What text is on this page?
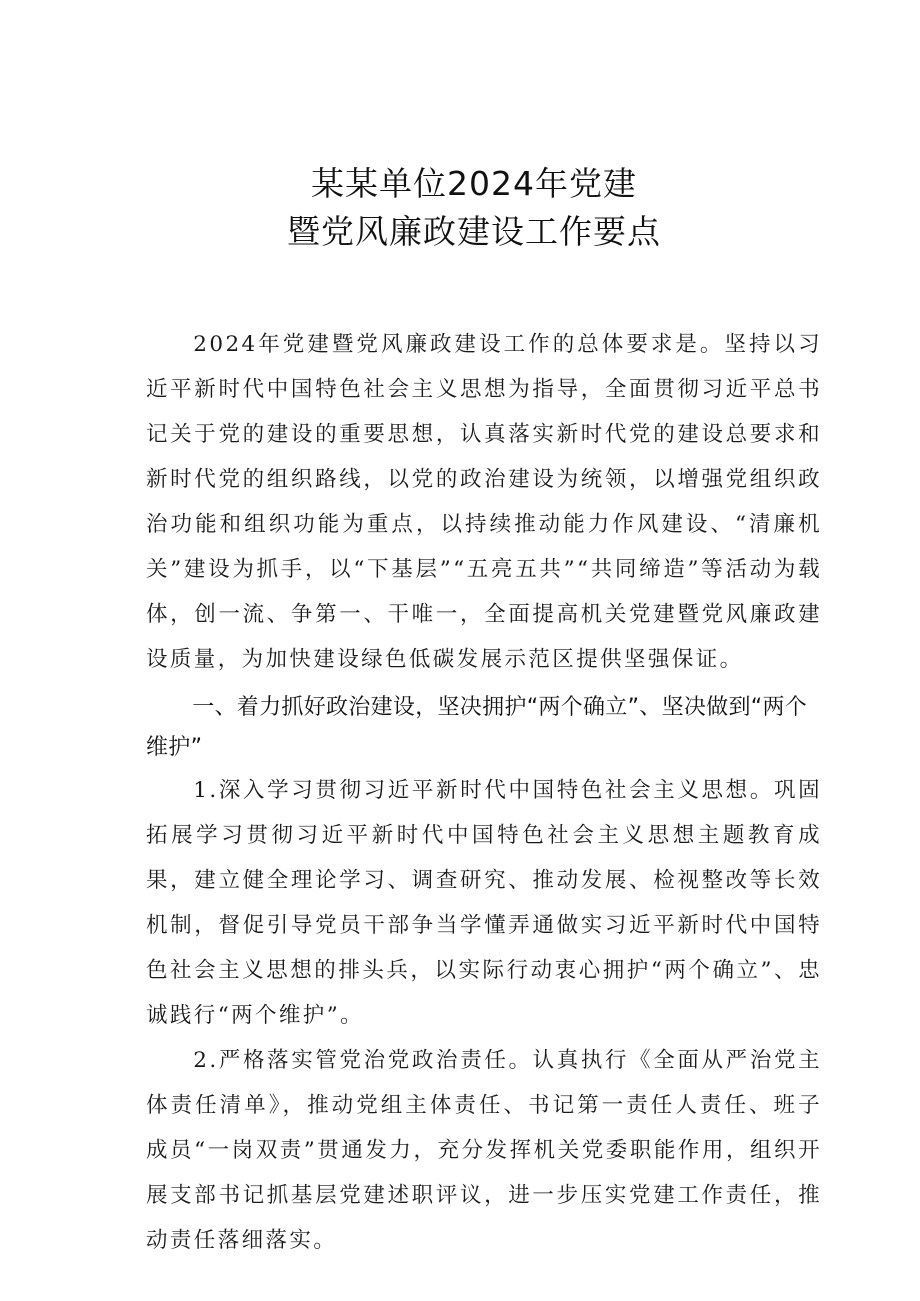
某某单位2024年党建
暨党风廉政建设工作要点

2024年党建暨党风廉政建设工作的总体要求是。坚持以习近平新时代中国特色社会主义思想为指导，全面贯彻习近平总书记关于党的建设的重要思想，认真落实新时代党的建设总要求和新时代党的组织路线，以党的政治建设为统领，以增强党组织政治功能和组织功能为重点，以持续推动能力作风建设、“清廉机关”建设为抓手，以“下基层”“五亮五共”“共同缔造”等活动为载体，创一流、争第一、干唯一，全面提高机关党建暨党风廉政建设质量，为加快建设绿色低碳发展示范区提供坚强保证。

一、着力抓好政治建设，坚决拥护“两个确立”、坚决做到“两个维护”

1.深入学习贯彻习近平新时代中国特色社会主义思想。巩固拓展学习贯彻习近平新时代中国特色社会主义思想主题教育成果，建立健全理论学习、调查研究、推动发展、检视整改等长效机制，督促引导党员干部争当学懂弄通做实习近平新时代中国特色社会主义思想的排头兵，以实际行动衷心拥护“两个确立”、忠诚践行“两个维护”。

2.严格落实管党治党政治责任。认真执行《全面从严治党主体责任清单》，推动党组主体责任、书记第一责任人责任、班子成员“一岗双责”贯通发力，充分发挥机关党委职能作用，组织开展支部书记抓基层党建述职评议，进一步压实党建工作责任，推动责任落细落实。
